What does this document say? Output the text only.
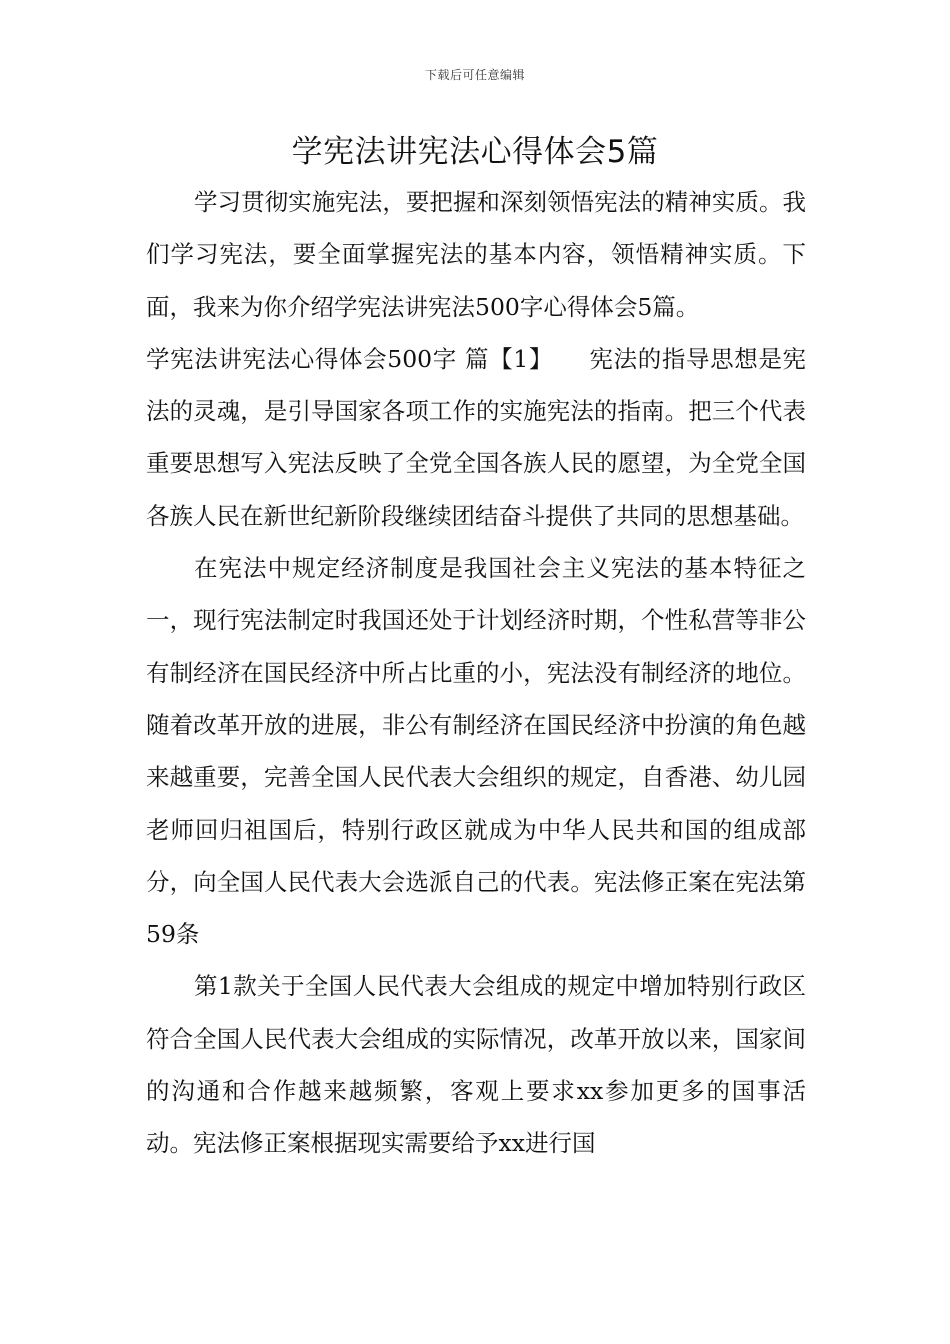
下载后可任意编辑
学宪法讲宪法心得体会5篇

学习贯彻实施宪法，要把握和深刻领悟宪法的精神实质。我们学习宪法，要全面掌握宪法的基本内容，领悟精神实质。下面，我来为你介绍学宪法讲宪法500字心得体会5篇。

学宪法讲宪法心得体会500字 篇【1】　　宪法的指导思想是宪法的灵魂，是引导国家各项工作的实施宪法的指南。把三个代表重要思想写入宪法反映了全党全国各族人民的愿望，为全党全国各族人民在新世纪新阶段继续团结奋斗提供了共同的思想基础。

在宪法中规定经济制度是我国社会主义宪法的基本特征之一，现行宪法制定时我国还处于计划经济时期，个性私营等非公有制经济在国民经济中所占比重的小，宪法没有制经济的地位。随着改革开放的进展，非公有制经济在国民经济中扮演的角色越来越重要，完善全国人民代表大会组织的规定，自香港、幼儿园老师回归祖国后，特别行政区就成为中华人民共和国的组成部分，向全国人民代表大会选派自己的代表。宪法修正案在宪法第59条

第1款关于全国人民代表大会组成的规定中增加特别行政区符合全国人民代表大会组成的实际情况，改革开放以来，国家间的沟通和合作越来越频繁，客观上要求xx参加更多的国事活动。宪法修正案根据现实需要给予xx进行国
